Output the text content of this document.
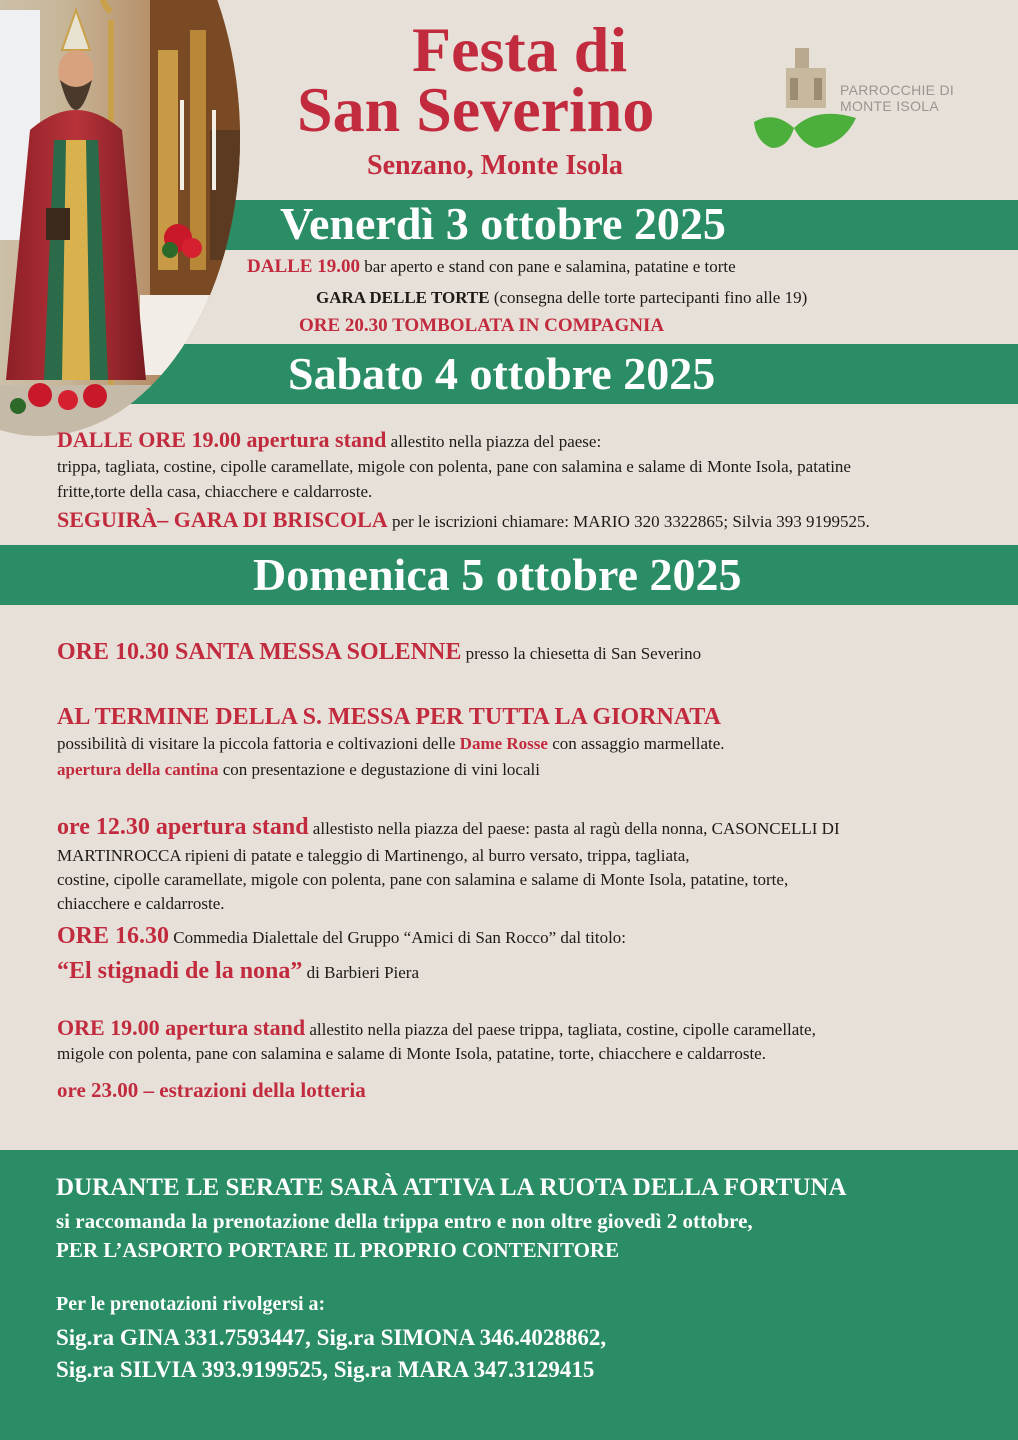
Festa di
San Severino
Senzano, Monte Isola
PARROCCHIE DI
MONTE ISOLA
Venerdì 3 ottobre 2025
DALLE 19.00 bar aperto e stand con pane e salamina, patatine e torte
GARA DELLE TORTE (consegna delle torte partecipanti fino alle 19)
ORE 20.30 TOMBOLATA IN COMPAGNIA
Sabato 4 ottobre 2025
DALLE ORE 19.00 apertura stand allestito nella piazza del paese:
trippa, tagliata, costine, cipolle caramellate, migole con polenta, pane con salamina e salame di Monte Isola, patatine
fritte,torte della casa, chiacchere e caldarroste.
SEGUIRÀ– GARA DI BRISCOLA per le iscrizioni chiamare: MARIO 320 3322865; Silvia 393 9199525.
Domenica 5 ottobre 2025
ORE 10.30 SANTA MESSA SOLENNE presso la chiesetta di San Severino
AL TERMINE DELLA S. MESSA PER TUTTA LA GIORNATA
possibilità di visitare la piccola fattoria e coltivazioni delle Dame Rosse con assaggio marmellate.
apertura della cantina con presentazione e degustazione di vini locali
ore 12.30 apertura stand allestisto nella piazza del paese: pasta al ragù della nonna, CASONCELLI DI
MARTINROCCA ripieni di patate e taleggio di Martinengo, al burro versato, trippa, tagliata,
costine, cipolle caramellate, migole con polenta, pane con salamina e salame di Monte Isola, patatine, torte,
chiacchere e caldarroste.
ORE 16.30 Commedia Dialettale del Gruppo “Amici di San Rocco” dal titolo:
“El stignadi de la nona” di Barbieri Piera
ORE 19.00 apertura stand allestito nella piazza del paese trippa, tagliata, costine, cipolle caramellate,
migole con polenta, pane con salamina e salame di Monte Isola, patatine, torte, chiacchere e caldarroste.
ore 23.00 – estrazioni della lotteria
DURANTE LE SERATE SARÀ ATTIVA LA RUOTA DELLA FORTUNA
si raccomanda la prenotazione della trippa entro e non oltre giovedì 2 ottobre,
PER L’ASPORTO PORTARE IL PROPRIO CONTENITORE
Per le prenotazioni rivolgersi a:
Sig.ra GINA 331.7593447, Sig.ra SIMONA 346.4028862,
Sig.ra SILVIA 393.9199525, Sig.ra MARA 347.3129415
